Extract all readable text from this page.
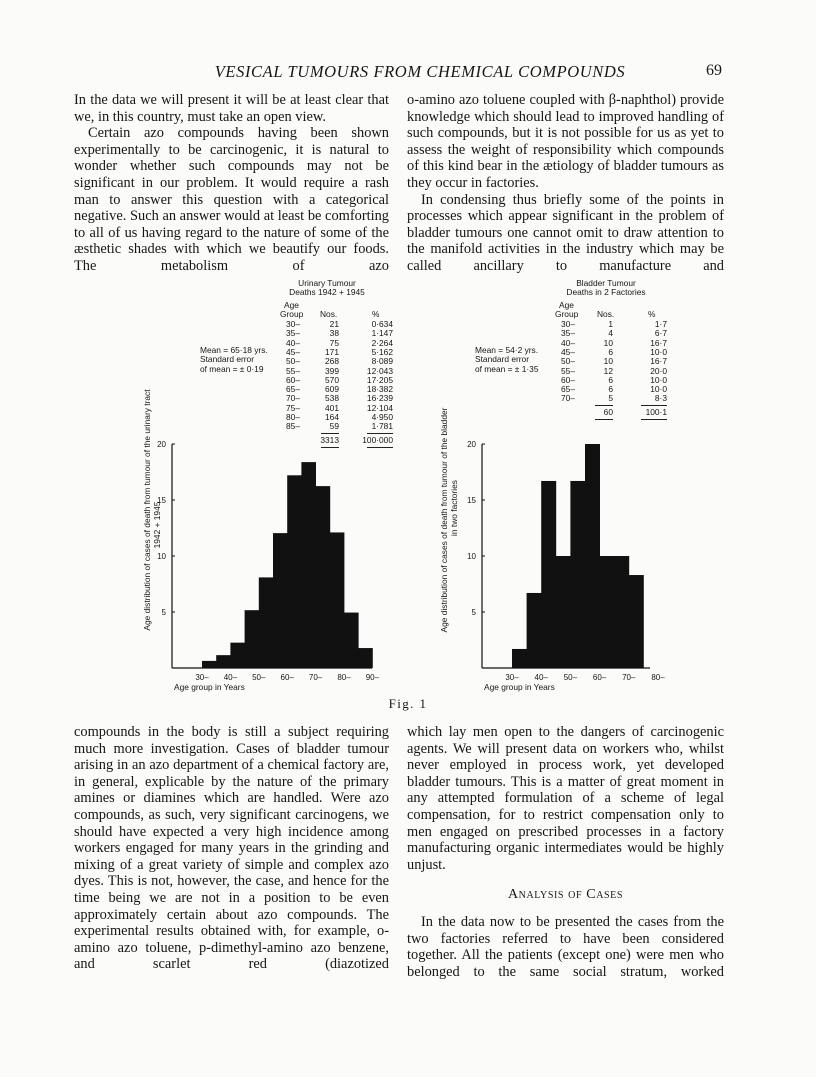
VESICAL TUMOURS FROM CHEMICAL COMPOUNDS	69

In the data we will present it will be at least clear that we, in this country, must take an open view.

Certain azo compounds having been shown experimentally to be carcinogenic, it is natural to wonder whether such compounds may not be significant in our problem. It would require a rash man to answer this question with a categorical negative. Such an answer would at least be comforting to all of us having regard to the nature of some of the æsthetic shades with which we beautify our foods. The metabolism of azo

o-amino azo toluene coupled with β-naphthol) provide knowledge which should lead to improved handling of such compounds, but it is not possible for us as yet to assess the weight of responsibility which compounds of this kind bear in the ætiology of bladder tumours as they occur in factories.

In condensing thus briefly some of the points in processes which appear significant in the problem of bladder tumours one cannot omit to draw attention to the manifold activities in the industry which may be called ancillary to manufacture and

Urinary Tumour
Deaths 1942 + 1945
Age
Group Nos.	%
30–	21	0·634
35–	38	1·147
40–	75	2·264
45–	171	5·162
50–	268	8·089
55–	399	12·043
60–	570	17·205
65–	609	18·382
70–	538	16·239
75–	401	12·104
80–	164	4·950
85–	59	1·781
3313	100·000
Mean = 65·18 yrs.
Standard error
of mean = ± 0·19
Bladder Tumour
Deaths in 2 Factories
Age
Group Nos.	%
30–	1	1·7
35–	4	6·7
40–	10	16·7
45–	6	10·0
50–	10	16·7
55–	12	20·0
60–	6	10·0
65–	6	10·0
70–	5	8·3
60	100·1
Mean = 54·2 yrs.
Standard error
of mean = ± 1·35
5
10
15
20
30– 40– 50– 60– 70– 80– 90–
Age group in Years
5
10
15
20
30– 40– 50– 60– 70– 80–
Age group in Years
Age distribution of cases of death from tumour of the urinary tract 1942 + 1945	Age distribution of cases of death from tumour of the bladder in two factories
Fig. 1

compounds in the body is still a subject requiring much more investigation. Cases of bladder tumour arising in an azo department of a chemical factory are, in general, explicable by the nature of the primary amines or diamines which are handled. Were azo compounds, as such, very significant carcinogens, we should have expected a very high incidence among workers engaged for many years in the grinding and mixing of a great variety of simple and complex azo dyes. This is not, however, the case, and hence for the time being we are not in a position to be even approximately certain about azo compounds. The experimental results obtained with, for example, o-amino azo toluene, p-dimethyl-amino azo benzene, and scarlet red (diazotized

which lay men open to the dangers of carcinogenic agents. We will present data on workers who, whilst never employed in process work, yet developed bladder tumours. This is a matter of great moment in any attempted formulation of a scheme of legal compensation, for to restrict compensation only to men engaged on prescribed processes in a factory manufacturing organic intermediates would be highly unjust.

Analysis of Cases

In the data now to be presented the cases from the two factories referred to have been considered together. All the patients (except one) were men who belonged to the same social stratum, worked
